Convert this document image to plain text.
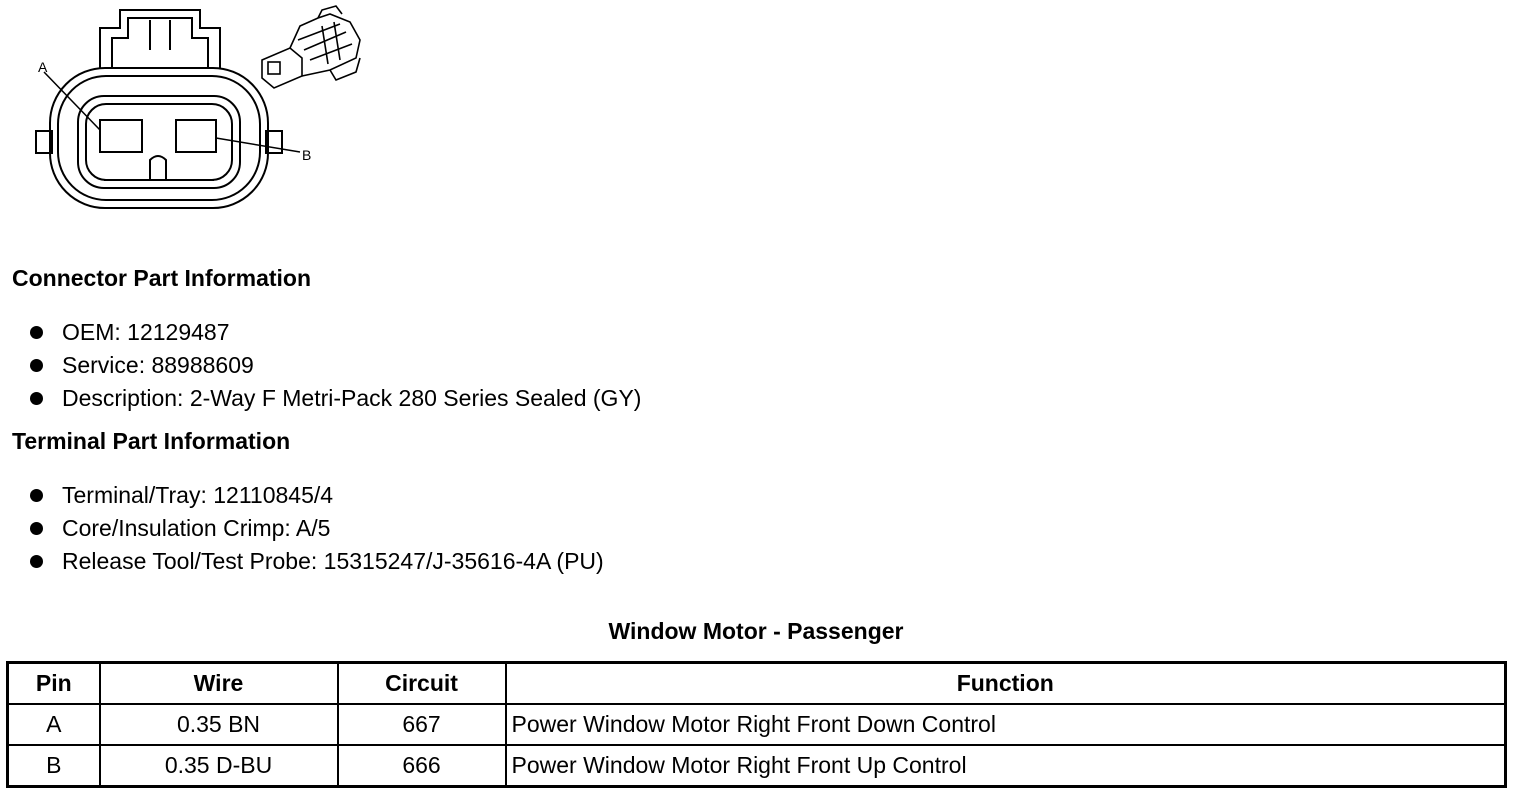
A
B
Connector Part Information
OEM: 12129487
Service: 88988609
Description: 2-Way F Metri-Pack 280 Series Sealed (GY)
Terminal Part Information
Terminal/Tray: 12110845/4
Core/Insulation Crimp: A/5
Release Tool/Test Probe: 15315247/J-35616-4A (PU)
Window Motor - Passenger
Pin	Wire	Circuit	Function
A	0.35 BN	667	Power Window Motor Right Front Down Control
B	0.35 D-BU	666	Power Window Motor Right Front Up Control
